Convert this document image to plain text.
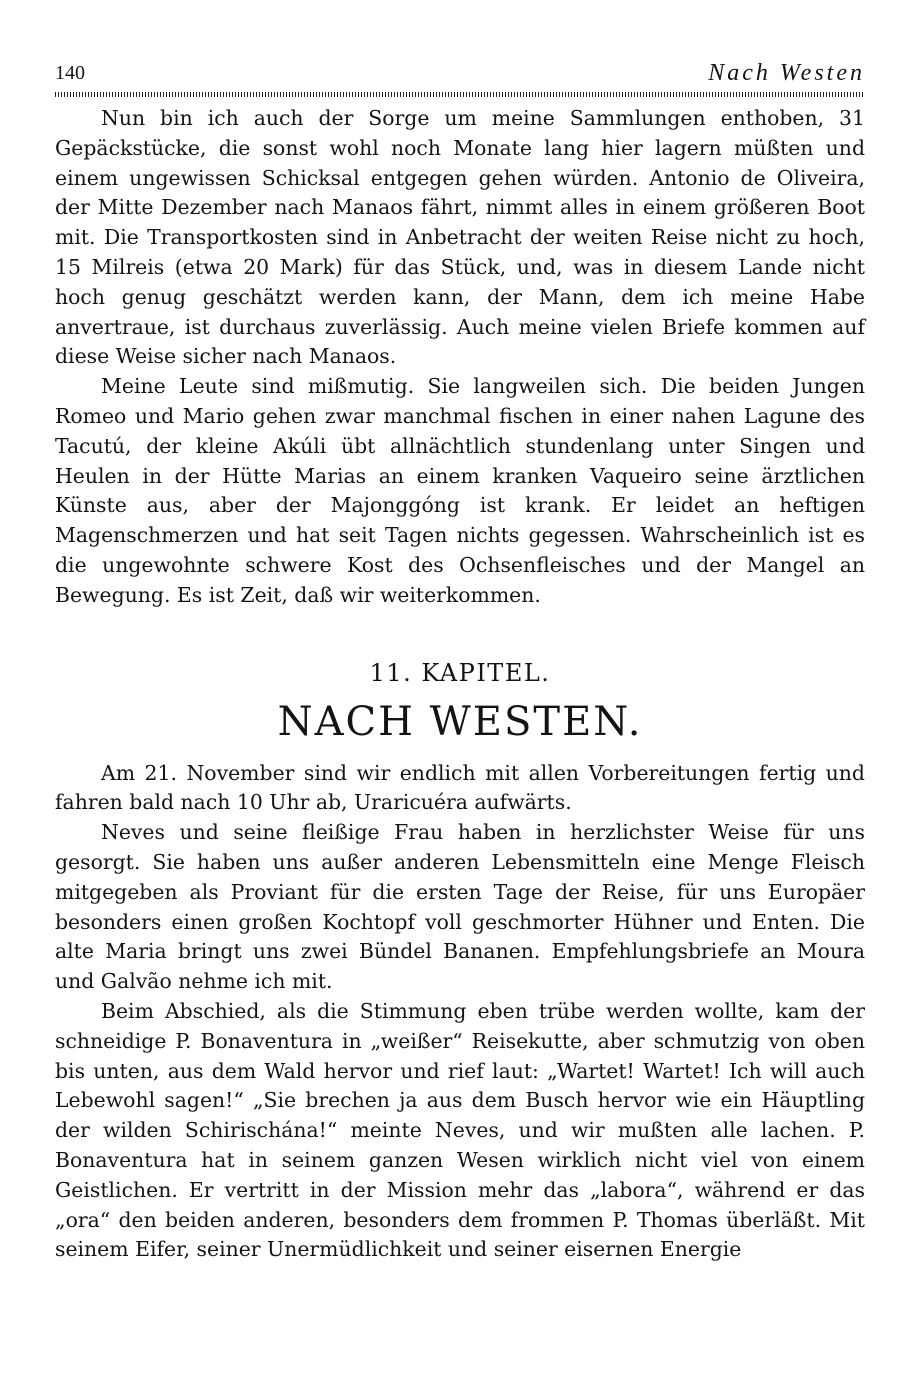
140	Nach Westen

Nun bin ich auch der Sorge um meine Sammlungen enthoben, 31 Gepäckstücke, die sonst wohl noch Monate lang hier lagern müßten und einem ungewissen Schicksal entgegen gehen würden. Antonio de Oliveira, der Mitte Dezember nach Manaos fährt, nimmt alles in einem größeren Boot mit. Die Transportkosten sind in Anbetracht der weiten Reise nicht zu hoch, 15 Milreis (etwa 20 Mark) für das Stück, und, was in diesem Lande nicht hoch genug geschätzt werden kann, der Mann, dem ich meine Habe anvertraue, ist durchaus zuverlässig. Auch meine vielen Briefe kommen auf diese Weise sicher nach Manaos.

Meine Leute sind mißmutig. Sie langweilen sich. Die beiden Jungen Romeo und Mario gehen zwar manchmal fischen in einer nahen Lagune des Tacutú, der kleine Akúli übt allnächtlich stundenlang unter Singen und Heulen in der Hütte Marias an einem kranken Vaqueiro seine ärztlichen Künste aus, aber der Majonggóng ist krank. Er leidet an heftigen Magenschmerzen und hat seit Tagen nichts gegessen. Wahrscheinlich ist es die ungewohnte schwere Kost des Ochsenfleisches und der Mangel an Bewegung. Es ist Zeit, daß wir weiterkommen.

11. KAPITEL.
NACH WESTEN.

Am 21. November sind wir endlich mit allen Vorbereitungen fertig und fahren bald nach 10 Uhr ab, Uraricuéra aufwärts.

Neves und seine fleißige Frau haben in herzlichster Weise für uns gesorgt. Sie haben uns außer anderen Lebensmitteln eine Menge Fleisch mitgegeben als Proviant für die ersten Tage der Reise, für uns Europäer besonders einen großen Kochtopf voll geschmorter Hühner und Enten. Die alte Maria bringt uns zwei Bündel Bananen. Empfehlungsbriefe an Moura und Galvão nehme ich mit.

Beim Abschied, als die Stimmung eben trübe werden wollte, kam der schneidige P. Bonaventura in „weißer“ Reisekutte, aber schmutzig von oben bis unten, aus dem Wald hervor und rief laut: „Wartet! Wartet! Ich will auch Lebewohl sagen!“ „Sie brechen ja aus dem Busch hervor wie ein Häuptling der wilden Schirischána!“ meinte Neves, und wir mußten alle lachen. P. Bonaventura hat in seinem ganzen Wesen wirklich nicht viel von einem Geistlichen. Er vertritt in der Mission mehr das „labora“, während er das „ora“ den beiden anderen, besonders dem frommen P. Thomas überläßt. Mit seinem Eifer, seiner Unermüdlichkeit und seiner eisernen Energie
